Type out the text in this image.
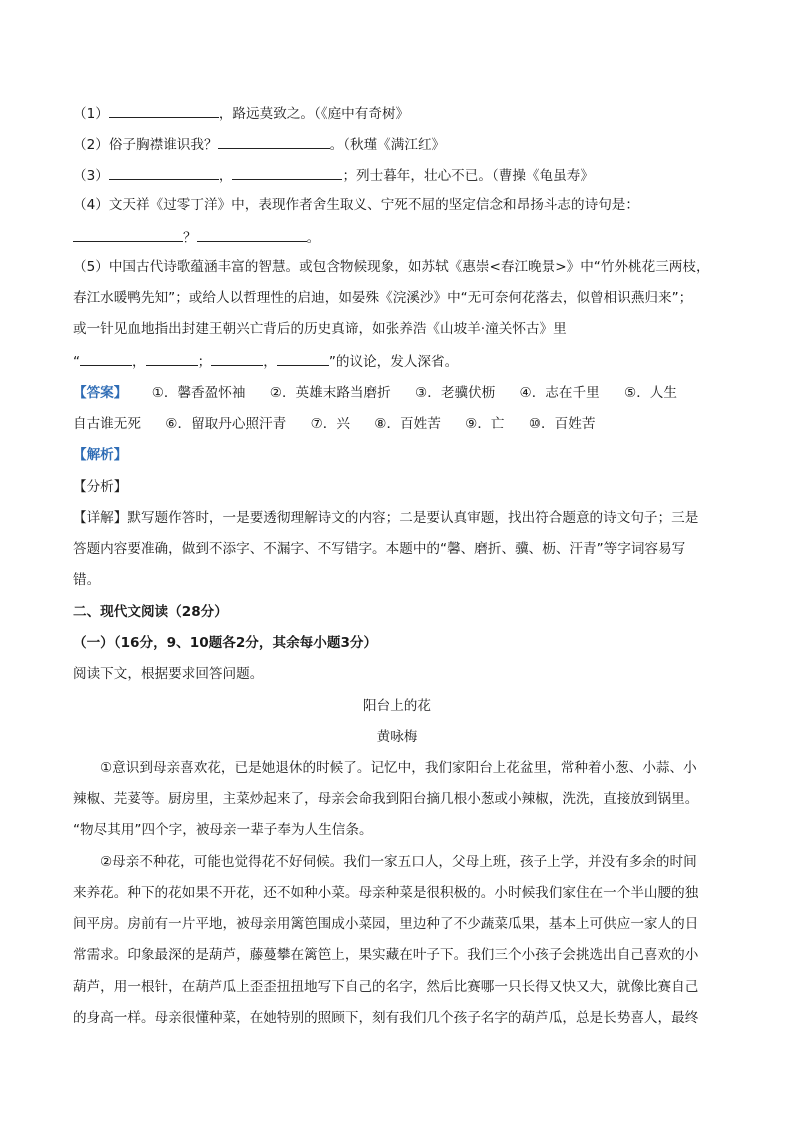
（1）	，路远莫致之。（《庭中有奇树》
（2）俗子胸襟谁识我？	。（秋瑾《满江红》
（3）	，	；列士暮年，壮心不已。（曹操《龟虽寿》
（4）文天祥《过零丁洋》中，表现作者舍生取义、宁死不屈的坚定信念和昂扬斗志的诗句是：
？	。
（5）中国古代诗歌蕴涵丰富的智慧。或包含物候现象，如苏轼《惠崇<春江晚景>》中“竹外桃花三两枝，
春江水暖鸭先知”；或给人以哲理性的启迪，如晏殊《浣溪沙》中“无可奈何花落去，似曾相识燕归来”；
或一针见血地指出封建王朝兴亡背后的历史真谛，如张养浩《山坡羊·潼关怀古》里
“	，	；	，	”的议论，发人深省。
【答案】 ①．馨香盈怀袖 ②．英雄末路当磨折 ③．老骥伏枥 ④．志在千里 ⑤．人生
自古谁无死 ⑥．留取丹心照汗青 ⑦．兴 ⑧．百姓苦 ⑨．亡 ⑩．百姓苦
【解析】
【分析】
【详解】默写题作答时，一是要透彻理解诗文的内容；二是要认真审题，找出符合题意的诗文句子；三是
答题内容要准确，做到不添字、不漏字、不写错字。本题中的“馨、磨折、骥、枥、汗青”等字词容易写
错。
二、现代文阅读（28分）
（一）（16分，9、10题各2分，其余每小题3分）
阅读下文，根据要求回答问题。
阳台上的花
黄咏梅
①意识到母亲喜欢花，已是她退休的时候了。记忆中，我们家阳台上花盆里，常种着小葱、小蒜、小
辣椒、芫荽等。厨房里，主菜炒起来了，母亲会命我到阳台摘几根小葱或小辣椒，洗洗，直接放到锅里。
“物尽其用”四个字，被母亲一辈子奉为人生信条。
②母亲不种花，可能也觉得花不好伺候。我们一家五口人，父母上班，孩子上学，并没有多余的时间
来养花。种下的花如果不开花，还不如种小菜。母亲种菜是很积极的。小时候我们家住在一个半山腰的独
间平房。房前有一片平地，被母亲用篱笆围成小菜园，里边种了不少蔬菜瓜果，基本上可供应一家人的日
常需求。印象最深的是葫芦，藤蔓攀在篱笆上，果实藏在叶子下。我们三个小孩子会挑选出自己喜欢的小
葫芦，用一根针，在葫芦瓜上歪歪扭扭地写下自己的名字，然后比赛哪一只长得又快又大，就像比赛自己
的身高一样。母亲很懂种菜，在她特别的照顾下，刻有我们几个孩子名字的葫芦瓜，总是长势喜人，最终
